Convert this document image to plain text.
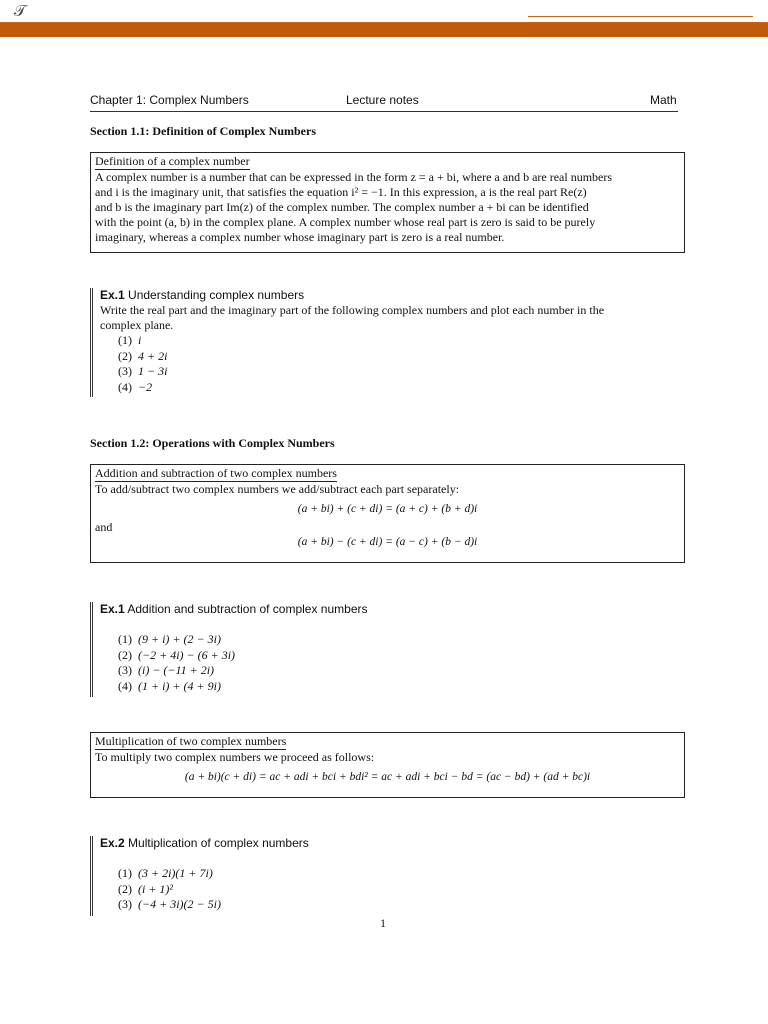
𝒯
Chapter 1: Complex Numbers	Lecture notes	Math
Section 1.1: Definition of Complex Numbers
Definition of a complex number
A complex number is a number that can be expressed in the form z = a + bi, where a and b are real numbers
and i is the imaginary unit, that satisfies the equation i² = −1. In this expression, a is the real part Re(z)
and b is the imaginary part Im(z) of the complex number. The complex number a + bi can be identified
with the point (a, b) in the complex plane. A complex number whose real part is zero is said to be purely
imaginary, whereas a complex number whose imaginary part is zero is a real number.
Ex.1 Understanding complex numbers
Write the real part and the imaginary part of the following complex numbers and plot each number in the
complex plane.
(1) i
(2) 4 + 2i
(3) 1 − 3i
(4) −2
Section 1.2: Operations with Complex Numbers
Addition and subtraction of two complex numbers
To add/subtract two complex numbers we add/subtract each part separately:
(a + bi) + (c + di) = (a + c) + (b + d)i
and
(a + bi) − (c + di) = (a − c) + (b − d)i
Ex.1 Addition and subtraction of complex numbers
(1) (9 + i) + (2 − 3i)
(2) (−2 + 4i) − (6 + 3i)
(3) (i) − (−11 + 2i)
(4) (1 + i) + (4 + 9i)
Multiplication of two complex numbers
To multiply two complex numbers we proceed as follows:
(a + bi)(c + di) = ac + adi + bci + bdi² = ac + adi + bci − bd = (ac − bd) + (ad + bc)i
Ex.2 Multiplication of complex numbers
(1) (3 + 2i)(1 + 7i)
(2) (i + 1)²
(3) (−4 + 3i)(2 − 5i)
1
